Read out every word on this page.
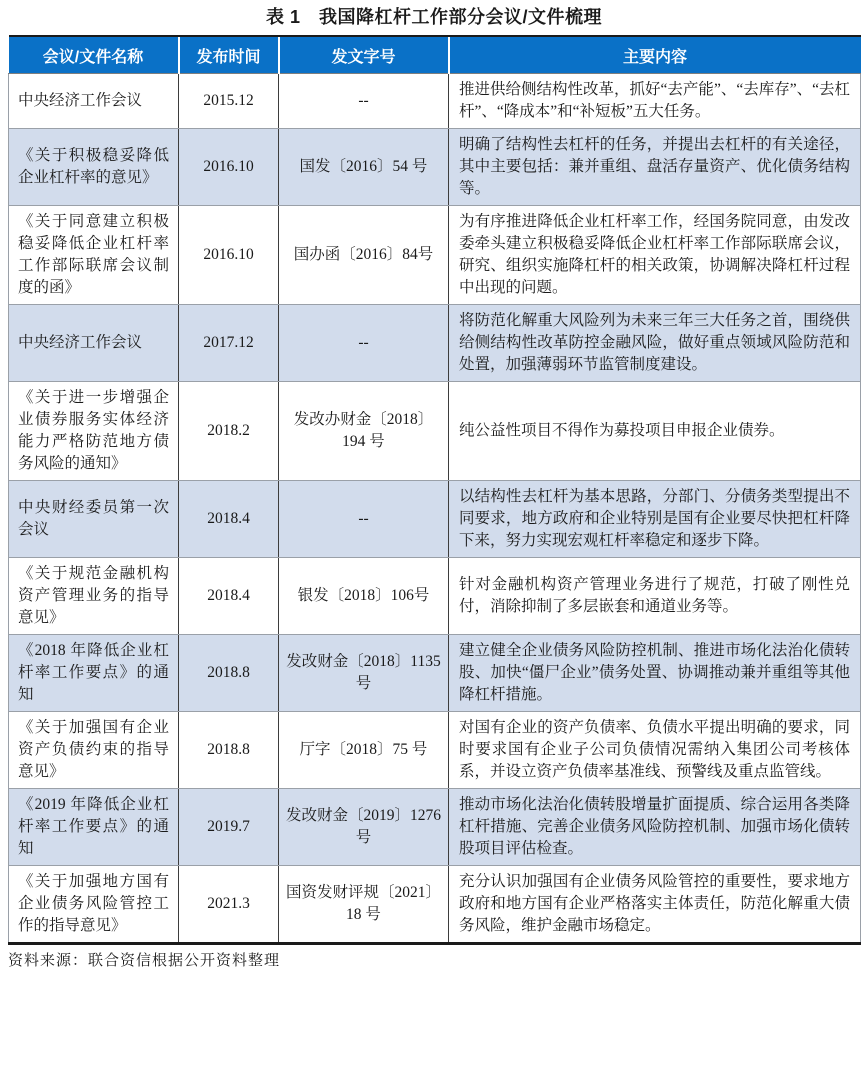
表 1　我国降杠杆工作部分会议/文件梳理
会议/文件名称	发布时间	发文字号	主要内容
中央经济工作会议	2015.12	--	推进供给侧结构性改革，抓好“去产能”、“去库存”、“去杠杆”、“降成本”和“补短板”五大任务。
《关于积极稳妥降低企业杠杆率的意见》	2016.10	国发〔2016〕54 号	明确了结构性去杠杆的任务，并提出去杠杆的有关途径，其中主要包括：兼并重组、盘活存量资产、优化债务结构等。
《关于同意建立积极稳妥降低企业杠杆率工作部际联席会议制度的函》	2016.10	国办函〔2016〕84号	为有序推进降低企业杠杆率工作，经国务院同意，由发改委牵头建立积极稳妥降低企业杠杆率工作部际联席会议，研究、组织实施降杠杆的相关政策，协调解决降杠杆过程中出现的问题。
中央经济工作会议	2017.12	--	将防范化解重大风险列为未来三年三大任务之首，围绕供给侧结构性改革防控金融风险，做好重点领域风险防范和处置，加强薄弱环节监管制度建设。
《关于进一步增强企业债券服务实体经济能力严格防范地方债务风险的通知》	2018.2	发改办财金〔2018〕194 号	纯公益性项目不得作为募投项目申报企业债券。
中央财经委员第一次会议	2018.4	--	以结构性去杠杆为基本思路，分部门、分债务类型提出不同要求，地方政府和企业特别是国有企业要尽快把杠杆降下来，努力实现宏观杠杆率稳定和逐步下降。
《关于规范金融机构资产管理业务的指导意见》	2018.4	银发〔2018〕106号	针对金融机构资产管理业务进行了规范，打破了刚性兑付，消除抑制了多层嵌套和通道业务等。
《2018 年降低企业杠杆率工作要点》的通知	2018.8	发改财金〔2018〕1135 号	建立健全企业债务风险防控机制、推进市场化法治化债转股、加快“僵尸企业”债务处置、协调推动兼并重组等其他降杠杆措施。
《关于加强国有企业资产负债约束的指导意见》	2018.8	厅字〔2018〕75 号	对国有企业的资产负债率、负债水平提出明确的要求，同时要求国有企业子公司负债情况需纳入集团公司考核体系，并设立资产负债率基准线、预警线及重点监管线。
《2019 年降低企业杠杆率工作要点》的通知	2019.7	发改财金〔2019〕1276 号	推动市场化法治化债转股增量扩面提质、综合运用各类降杠杆措施、完善企业债务风险防控机制、加强市场化债转股项目评估检查。
《关于加强地方国有企业债务风险管控工作的指导意见》	2021.3	国资发财评规〔2021〕18 号	充分认识加强国有企业债务风险管控的重要性，要求地方政府和地方国有企业严格落实主体责任，防范化解重大债务风险，维护金融市场稳定。
资料来源：联合资信根据公开资料整理
